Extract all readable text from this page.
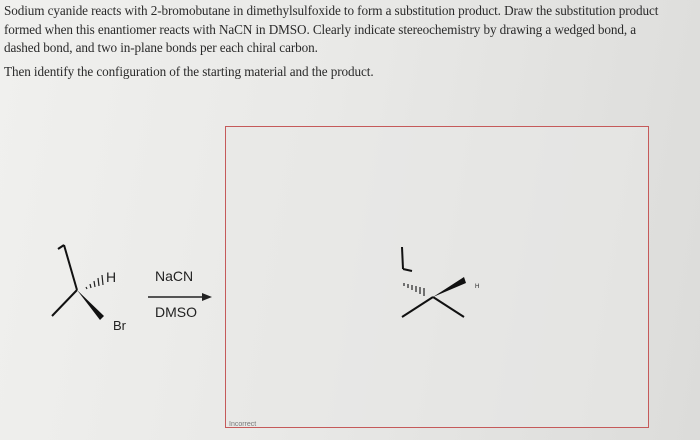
Sodium cyanide reacts with 2-bromobutane in dimethylsulfoxide to form a substitution product. Draw the substitution product formed when this enantiomer reacts with NaCN in DMSO. Clearly indicate stereochemistry by drawing a wedged bond, a dashed bond, and two in-plane bonds per each chiral carbon.

Then identify the configuration of the starting material and the product.

H
Br
NaCN
DMSO
H
Incorrect
